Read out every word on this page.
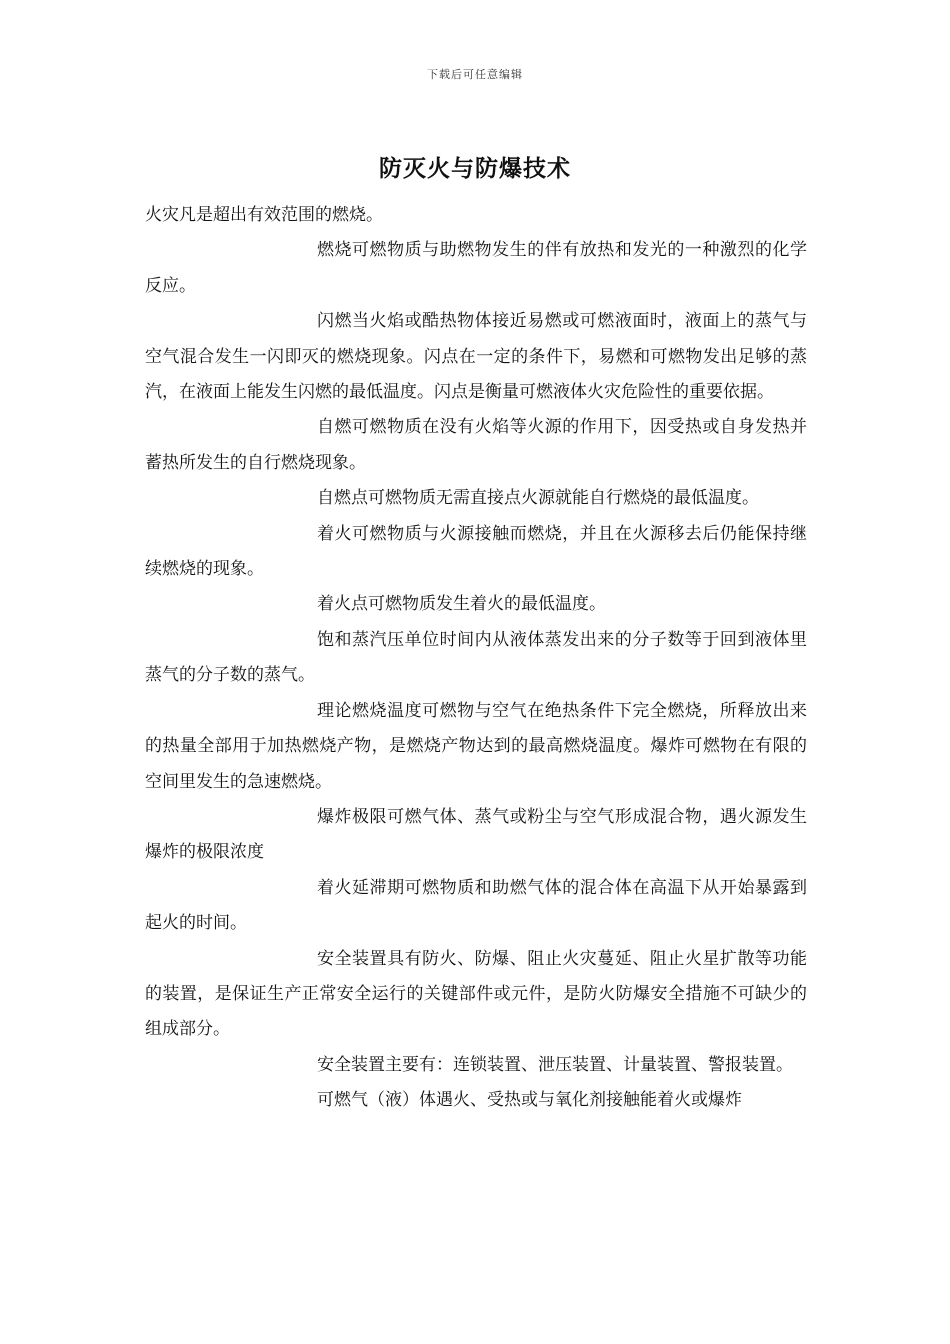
下载后可任意编辑
防灭火与防爆技术

火灾凡是超出有效范围的燃烧。

燃烧可燃物质与助燃物发生的伴有放热和发光的一种激烈的化学反应。

闪燃当火焰或酷热物体接近易燃或可燃液面时，液面上的蒸气与空气混合发生一闪即灭的燃烧现象。闪点在一定的条件下，易燃和可燃物发出足够的蒸汽，在液面上能发生闪燃的最低温度。闪点是衡量可燃液体火灾危险性的重要依据。

自燃可燃物质在没有火焰等火源的作用下，因受热或自身发热并蓄热所发生的自行燃烧现象。

自燃点可燃物质无需直接点火源就能自行燃烧的最低温度。

着火可燃物质与火源接触而燃烧，并且在火源移去后仍能保持继续燃烧的现象。

着火点可燃物质发生着火的最低温度。

饱和蒸汽压单位时间内从液体蒸发出来的分子数等于回到液体里蒸气的分子数的蒸气。

理论燃烧温度可燃物与空气在绝热条件下完全燃烧，所释放出来的热量全部用于加热燃烧产物，是燃烧产物达到的最高燃烧温度。爆炸可燃物在有限的空间里发生的急速燃烧。

爆炸极限可燃气体、蒸气或粉尘与空气形成混合物，遇火源发生爆炸的极限浓度

着火延滞期可燃物质和助燃气体的混合体在高温下从开始暴露到起火的时间。

安全装置具有防火、防爆、阻止火灾蔓延、阻止火星扩散等功能的装置，是保证生产正常安全运行的关键部件或元件，是防火防爆安全措施不可缺少的组成部分。

安全装置主要有：连锁装置、泄压装置、计量装置、警报装置。

可燃气（液）体遇火、受热或与氧化剂接触能着火或爆炸
